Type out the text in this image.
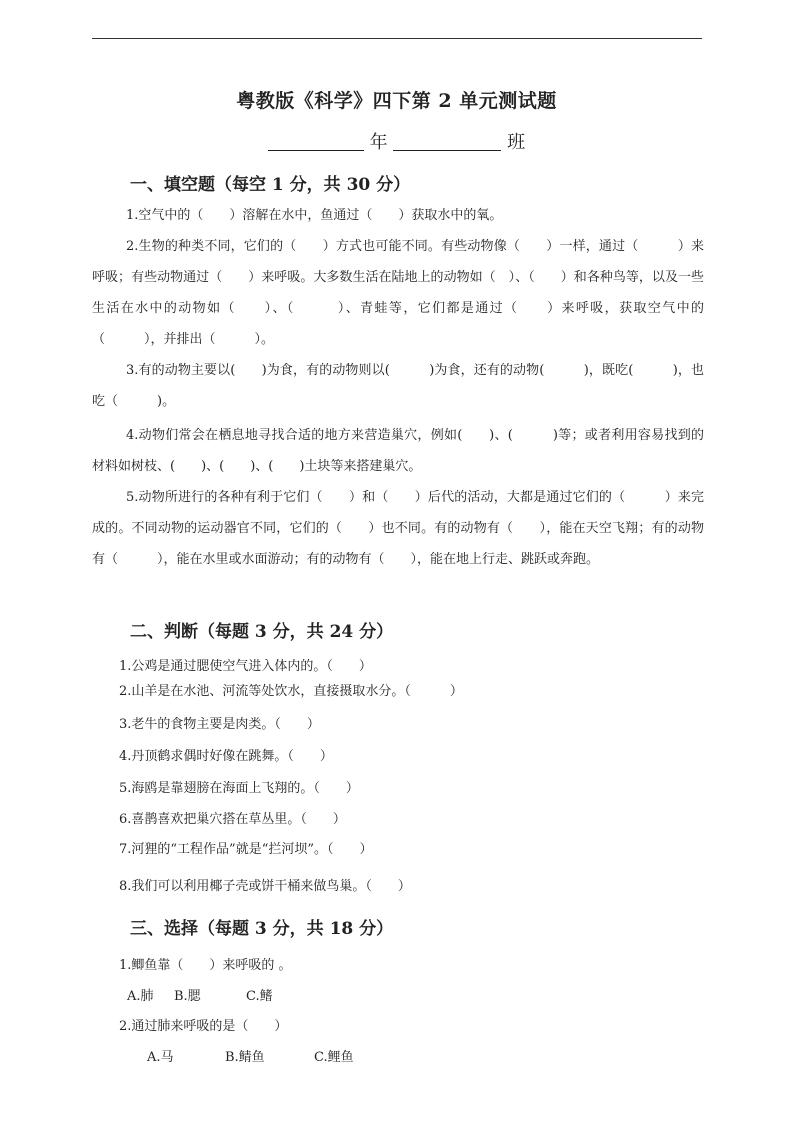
粤教版《科学》四下第 2 单元测试题
年	班
一、填空题（每空 1 分，共 30 分）
1.空气中的（　　）溶解在水中，鱼通过（　　）获取水中的氧。
2.生物的种类不同，它们的（　　）方式也可能不同。有些动物像（　　）一样，通过（　　　）来呼吸；有些动物通过（　　）来呼吸。大多数生活在陆地上的动物如（　）、（　　）和各种鸟等，以及一些生活在水中的动物如（　　）、（　　　）、青蛙等，它们都是通过（　　）来呼吸，获取空气中的（　　　），并排出（　　　）。
3.有的动物主要以(　　)为食，有的动物则以(　　　)为食，还有的动物(　　　)，既吃(　　　)，也吃（　　　)。
4.动物们常会在栖息地寻找合适的地方来营造巢穴，例如(　　)、(　　　)等；或者利用容易找到的材料如树枝、(　　)、(　　)、(　　)土块等来搭建巢穴。
5.动物所进行的各种有利于它们（　　）和（　　）后代的活动，大都是通过它们的（　　　）来完成的。不同动物的运动器官不同，它们的（　　）也不同。有的动物有（　　），能在天空飞翔；有的动物有（　　　），能在水里或水面游动；有的动物有（　　），能在地上行走、跳跃或奔跑。
二、判断（每题 3 分，共 24 分）
1.公鸡是通过腮使空气进入体内的。（　　）
2.山羊是在水池、河流等处饮水，直接摄取水分。（　　　）
3.老牛的食物主要是肉类。（　　）
4.丹顶鹤求偶时好像在跳舞。（　　）
5.海鸥是靠翅膀在海面上飞翔的。（　　）
6.喜鹊喜欢把巢穴搭在草丛里。（　　）
7.河狸的“工程作品”就是“拦河坝”。（　　）
8.我们可以利用椰子壳或饼干桶来做鸟巢。（　　）
三、选择（每题 3 分，共 18 分）
1.鲫鱼靠（　　）来呼吸的 。
A.肺 B.腮	C.鳍
2.通过肺来呼吸的是（　　）
A.马	B.鲭鱼	C.鲤鱼
